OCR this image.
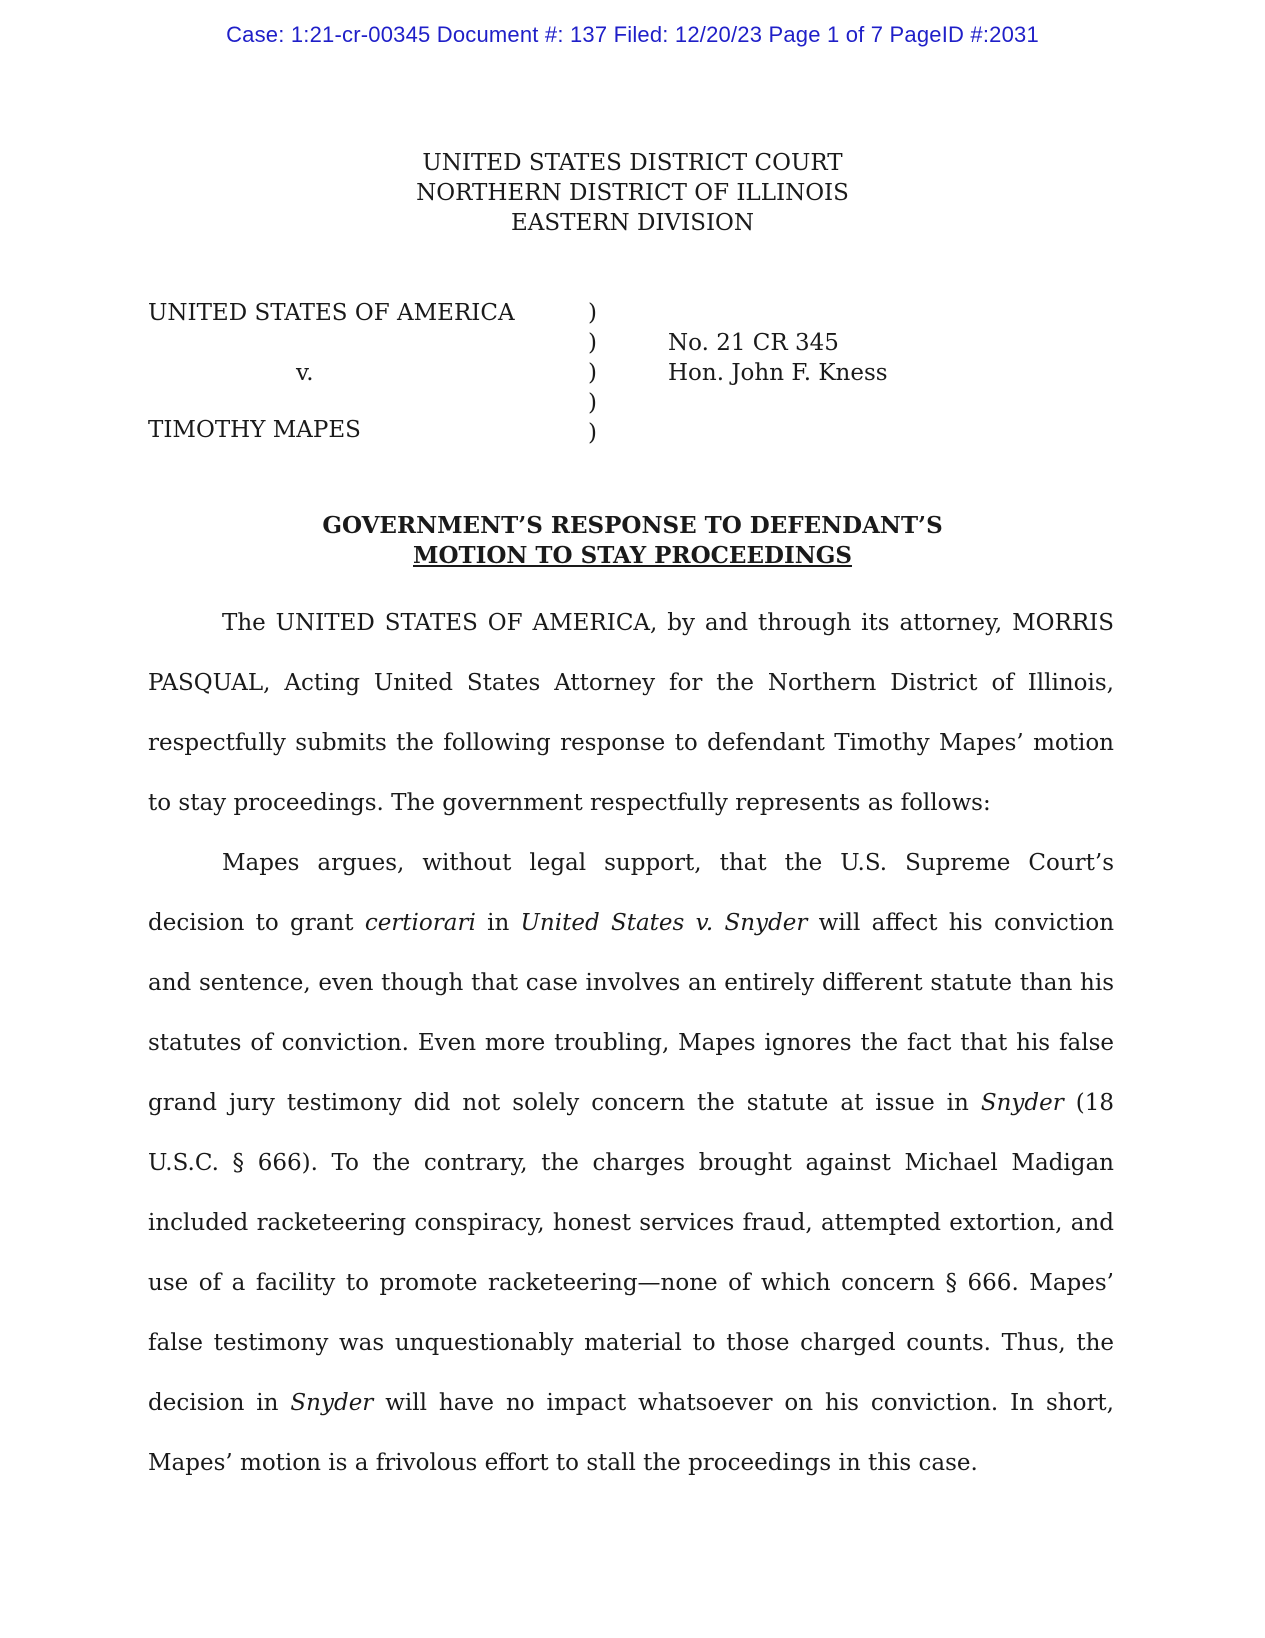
Case: 1:21-cr-00345 Document #: 137 Filed: 12/20/23 Page 1 of 7 PageID #:2031
UNITED STATES DISTRICT COURT
NORTHERN DISTRICT OF ILLINOIS
EASTERN DIVISION
UNITED STATES OF AMERICA
v.
TIMOTHY MAPES
)
)
)
)
)
No. 21 CR 345
Hon. John F. Kness
GOVERNMENT’S RESPONSE TO DEFENDANT’S
MOTION TO STAY PROCEEDINGS

The UNITED STATES OF AMERICA, by and through its attorney, MORRIS PASQUAL, Acting United States Attorney for the Northern District of Illinois, respectfully submits the following response to defendant Timothy Mapes’ motion to stay proceedings. The government respectfully represents as follows:

Mapes argues, without legal support, that the U.S. Supreme Court’s decision to grant certiorari in United States v. Snyder will affect his conviction and sentence, even though that case involves an entirely different statute than his statutes of conviction. Even more troubling, Mapes ignores the fact that his false grand jury testimony did not solely concern the statute at issue in Snyder (18 U.S.C. § 666). To the contrary, the charges brought against Michael Madigan included racketeering conspiracy, honest services fraud, attempted extortion, and use of a facility to promote racketeering—none of which concern § 666. Mapes’ false testimony was unquestionably material to those charged counts. Thus, the decision in Snyder will have no impact whatsoever on his conviction. In short, Mapes’ motion is a frivolous effort to stall the proceedings in this case.
